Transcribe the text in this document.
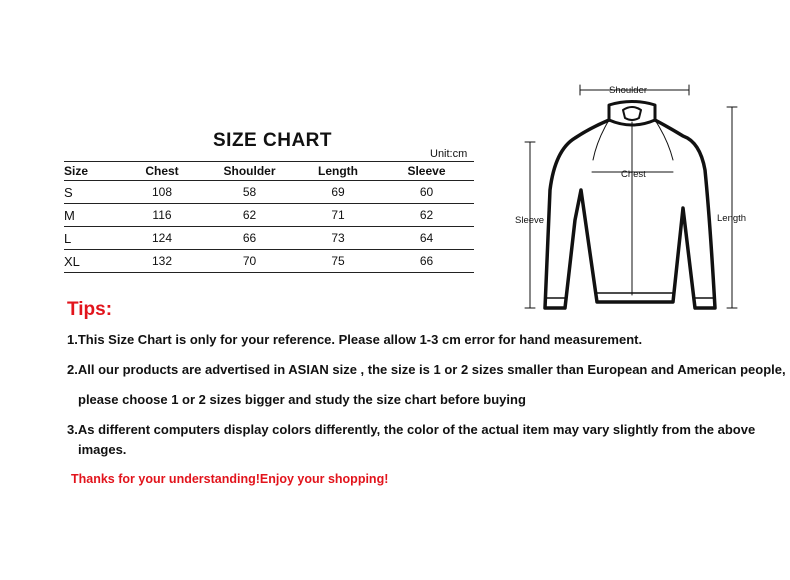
SIZE CHART
Unit:cm
Size	Chest	Shoulder	Length	Sleeve
S	108	58	69	60
M	116	62	71	62
L	124	66	73	64
XL	132	70	75	66
Shoulder
Chest
Sleeve	Length
Tips:
1.This Size Chart is only for your reference. Please allow 1-3 cm error for hand measurement.
2.All our products are advertised in ASIAN size , the size is 1 or 2 sizes smaller than European and American people,
please choose 1 or 2 sizes bigger and study the size chart before buying
3.As different computers display colors differently, the color of the actual item may vary slightly from the above
images.
Thanks for your understanding!Enjoy your shopping!
